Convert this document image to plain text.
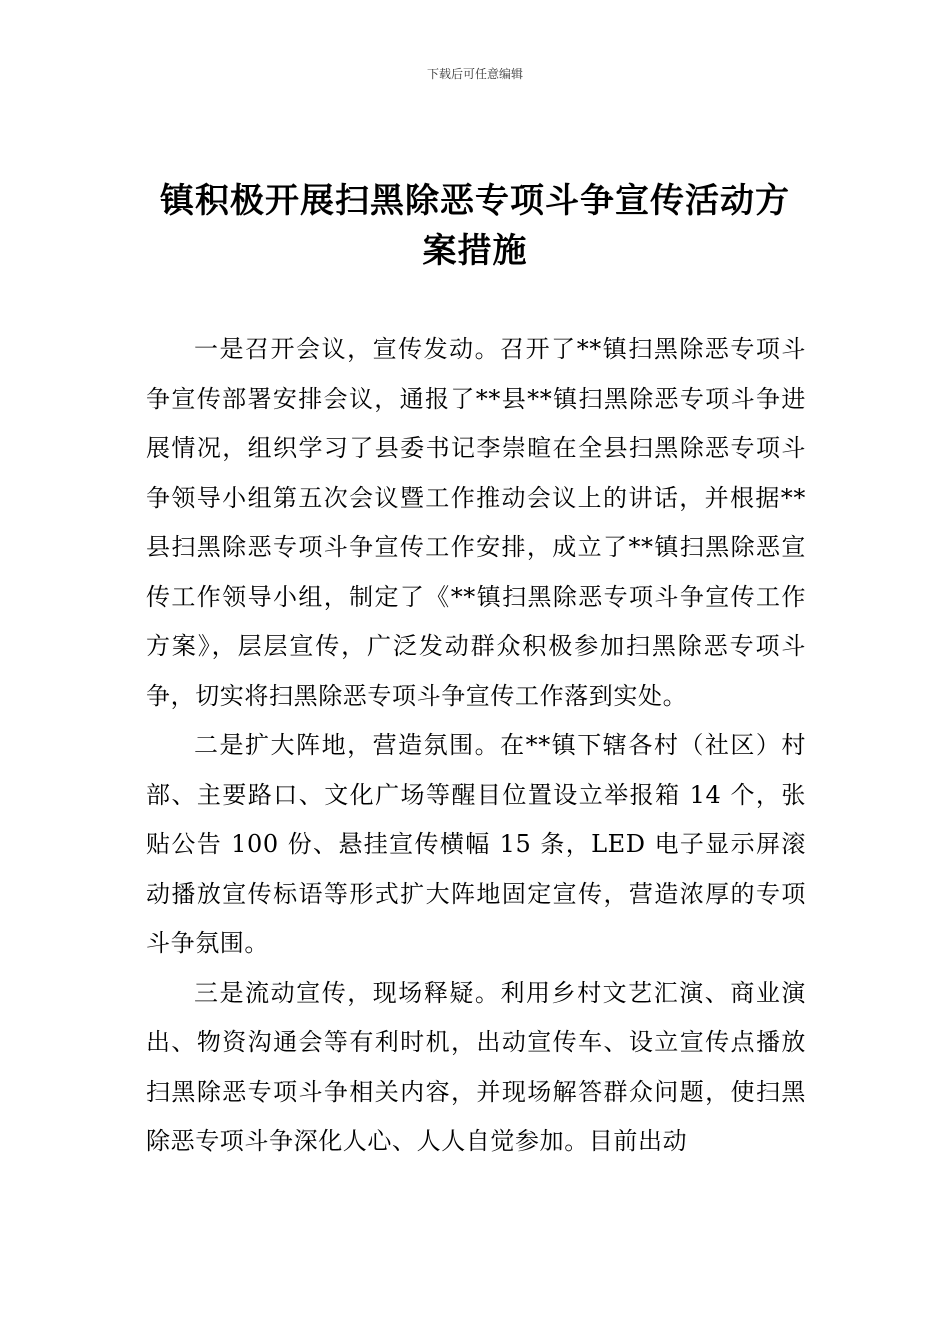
下载后可任意编辑
镇积极开展扫黑除恶专项斗争宣传活动方案措施

一是召开会议，宣传发动。召开了**镇扫黑除恶专项斗争宣传部署安排会议，通报了**县**镇扫黑除恶专项斗争进展情况，组织学习了县委书记李崇暄在全县扫黑除恶专项斗争领导小组第五次会议暨工作推动会议上的讲话，并根据**县扫黑除恶专项斗争宣传工作安排，成立了**镇扫黑除恶宣传工作领导小组，制定了《**镇扫黑除恶专项斗争宣传工作方案》，层层宣传，广泛发动群众积极参加扫黑除恶专项斗争，切实将扫黑除恶专项斗争宣传工作落到实处。

二是扩大阵地，营造氛围。在**镇下辖各村（社区）村部、主要路口、文化广场等醒目位置设立举报箱 14 个，张贴公告 100 份、悬挂宣传横幅 15 条，LED 电子显示屏滚动播放宣传标语等形式扩大阵地固定宣传，营造浓厚的专项斗争氛围。

三是流动宣传，现场释疑。利用乡村文艺汇演、商业演出、物资沟通会等有利时机，出动宣传车、设立宣传点播放扫黑除恶专项斗争相关内容，并现场解答群众问题，使扫黑除恶专项斗争深化人心、人人自觉参加。目前出动
